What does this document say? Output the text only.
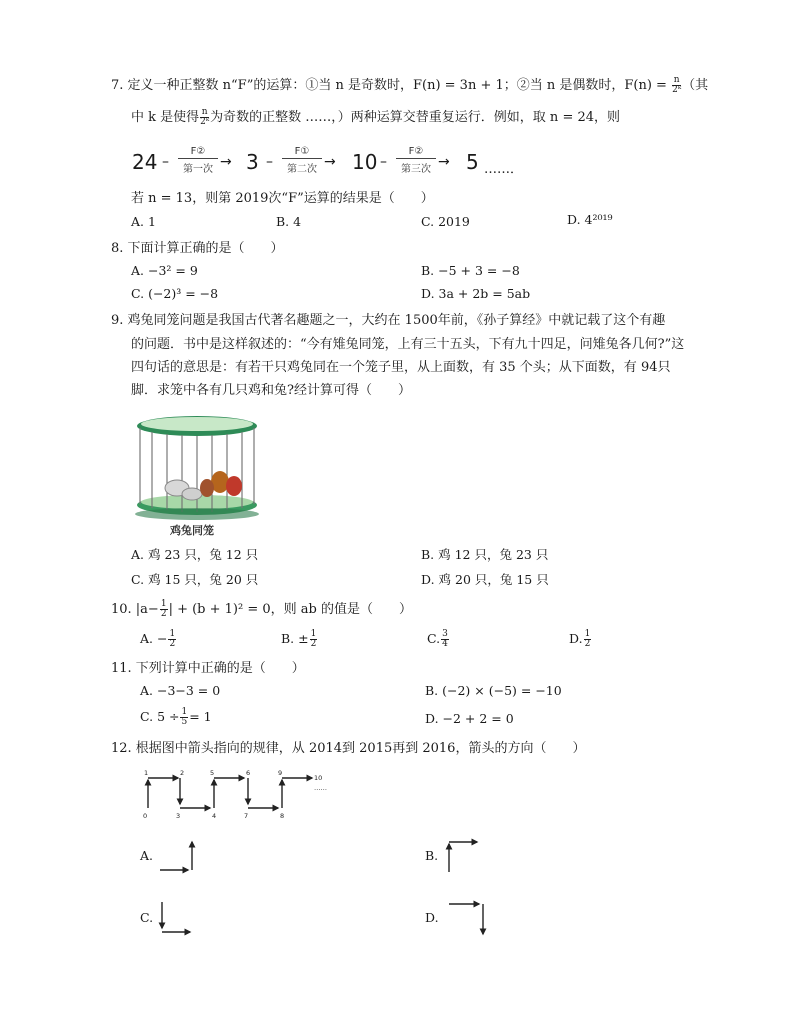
7. 定义一种正整数 n“F”的运算：①当 n 是奇数时，F(n) = 3n + 1；②当 n 是偶数时，$F(n) = \frac{n}{\text{2ᵏ}}$ （其
中 k 是使得 $\frac{n}{\text{2ᵏ}}$ 为奇数的正整数 ……，）两种运算交替重复运行．例如，取 n = 24，则
24 –
F②
第一次 → 3 –
F①
第二次 → 10 –
F②
第三次 → 5 ……．
若 n = 13，则第 2019次“F”运算的结果是（　　）
A. 1	B. 4	C. 2019	D. 4²⁰¹⁹
8. 下面计算正确的是（　　）
A. −3² = 9	B. −5 + 3 = −8
C. (−2)³ = −8	D. 3a + 2b = 5ab
9. 鸡兔同笼问题是我国古代著名趣题之一，大约在 1500年前，《孙子算经》中就记载了这个有趣
的问题．书中是这样叙述的：“今有雉兔同笼，上有三十五头，下有九十四足，问雉兔各几何?”这
四句话的意思是：有若干只鸡兔同在一个笼子里，从上面数，有 35 个头；从下面数，有 94只
脚．求笼中各有几只鸡和兔?经计算可得（　　）
鸡兔同笼
A. 鸡 23 只，兔 12 只	B. 鸡 12 只，兔 23 只
C. 鸡 15 只，兔 20 只	D. 鸡 20 只，兔 15 只
10. $|a- \frac{1}{2}$ | + (b + 1)² = 0，则 ab 的值是（　　）
A. − $\frac{1}{2}$	B. ± $\frac{1}{2}$	C. $\frac{3}{4}$	D. $\frac{1}{2}$
11. 下列计算中正确的是（　　）
A. −3−3 = 0	B. (−2) × (−5) = −10
C. $5 \div \frac{1}{5} = 1$	D. −2 + 2 = 0
12. 根据图中箭头指向的规律，从 2014到 2015再到 2016，箭头的方向（　　）
0
1	2
3	4
5	6
7	8
9
10
……
A.	B.
C.	D.
